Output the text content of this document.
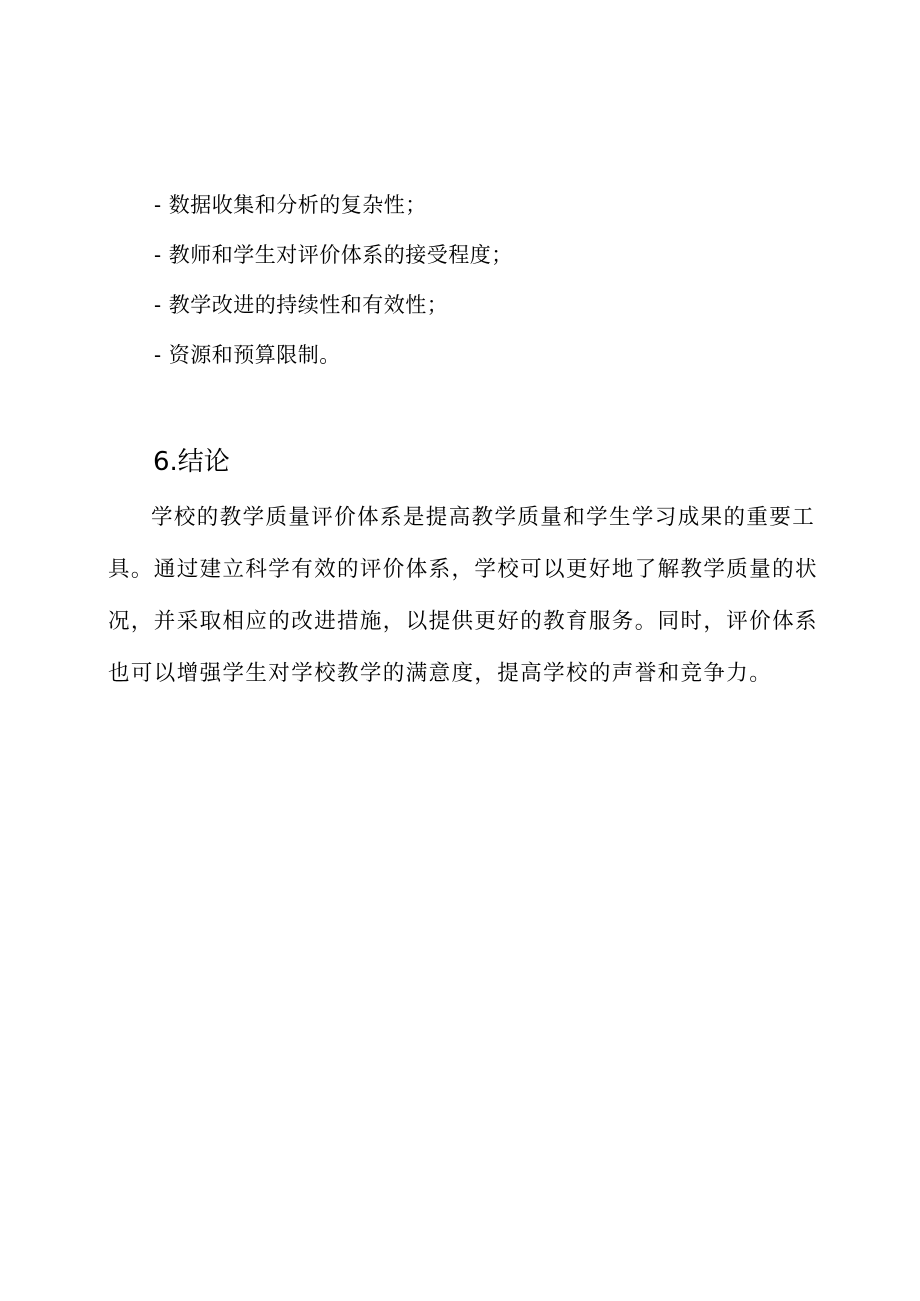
- 数据收集和分析的复杂性；
- 教师和学生对评价体系的接受程度；
- 教学改进的持续性和有效性；
- 资源和预算限制。
6.结论

学校的教学质量评价体系是提高教学质量和学生学习成果的重要工具。通过建立科学有效的评价体系，学校可以更好地了解教学质量的状况，并采取相应的改进措施，以提供更好的教育服务。同时，评价体系也可以增强学生对学校教学的满意度，提高学校的声誉和竞争力。
